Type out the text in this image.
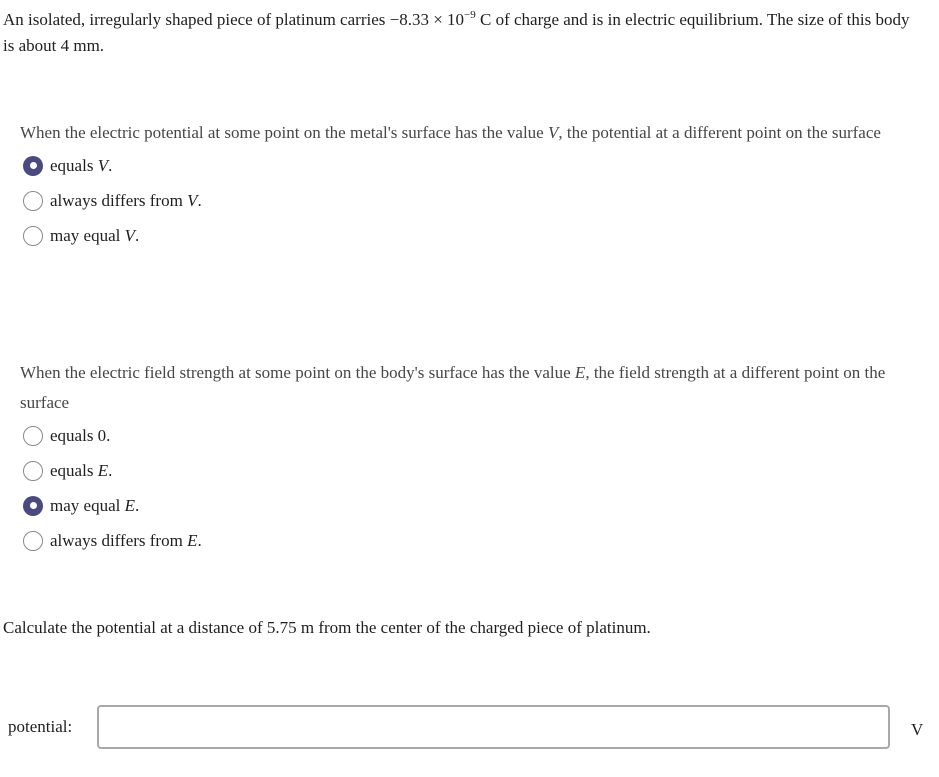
An isolated, irregularly shaped piece of platinum carries $-8.33 \times 10^{-9}$ C of charge and is in electric equilibrium. The size of this body is about 4 mm.
When the electric potential at some point on the metal's surface has the value V, the potential at a different point on the surface
equals V.
always differs from V.
may equal V.
When the electric field strength at some point on the body's surface has the value E, the field strength at a different point on the surface
equals 0.
equals E.
may equal E.
always differs from E.
Calculate the potential at a distance of 5.75 m from the center of the charged piece of platinum.
potential:	V
